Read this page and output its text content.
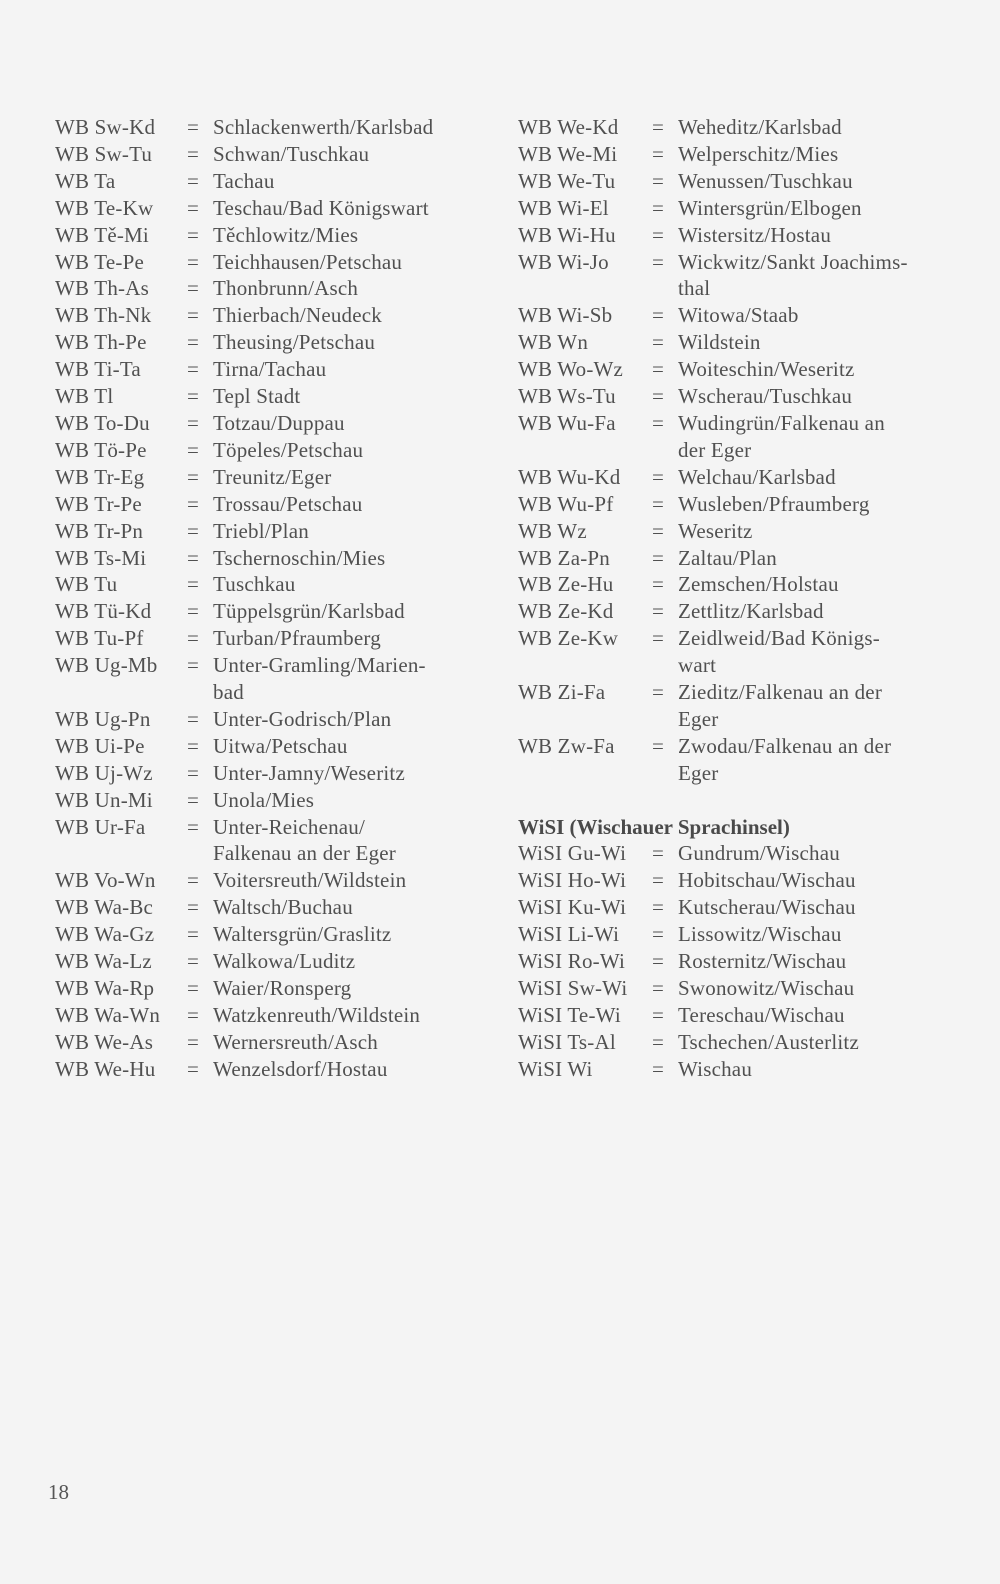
WB Sw-Kd	= Schlackenwerth/Karlsbad
WB Sw-Tu	= Schwan/Tuschkau
WB Ta	= Tachau
WB Te-Kw	= Teschau/Bad Königswart
WB Tě-Mi	= Těchlowitz/Mies
WB Te-Pe	= Teichhausen/Petschau
WB Th-As	= Thonbrunn/Asch
WB Th-Nk	= Thierbach/Neudeck
WB Th-Pe	= Theusing/Petschau
WB Ti-Ta	= Tirna/Tachau
WB Tl	= Tepl Stadt
WB To-Du	= Totzau/Duppau
WB Tö-Pe	= Töpeles/Petschau
WB Tr-Eg	= Treunitz/Eger
WB Tr-Pe	= Trossau/Petschau
WB Tr-Pn	= Triebl/Plan
WB Ts-Mi	= Tschernoschin/Mies
WB Tu	= Tuschkau
WB Tü-Kd	= Tüppelsgrün/Karlsbad
WB Tu-Pf	= Turban/Pfraumberg
WB Ug-Mb	= Unter-Gramling/Marien-
bad
WB Ug-Pn	= Unter-Godrisch/Plan
WB Ui-Pe	= Uitwa/Petschau
WB Uj-Wz	= Unter-Jamny/Weseritz
WB Un-Mi	= Unola/Mies
WB Ur-Fa	= Unter-Reichenau/
Falkenau an der Eger
WB Vo-Wn	= Voitersreuth/Wildstein
WB Wa-Bc	= Waltsch/Buchau
WB Wa-Gz	= Waltersgrün/Graslitz
WB Wa-Lz	= Walkowa/Luditz
WB Wa-Rp	= Waier/Ronsperg
WB Wa-Wn	= Watzkenreuth/Wildstein
WB We-As	= Wernersreuth/Asch
WB We-Hu	= Wenzelsdorf/Hostau
WB We-Kd	= Weheditz/Karlsbad
WB We-Mi	= Welperschitz/Mies
WB We-Tu	= Wenussen/Tuschkau
WB Wi-El	= Wintersgrün/Elbogen
WB Wi-Hu	= Wistersitz/Hostau
WB Wi-Jo	= Wickwitz/Sankt Joachims-
thal
WB Wi-Sb	= Witowa/Staab
WB Wn	= Wildstein
WB Wo-Wz	= Woiteschin/Weseritz
WB Ws-Tu	= Wscherau/Tuschkau
WB Wu-Fa	= Wudingrün/Falkenau an
der Eger
WB Wu-Kd	= Welchau/Karlsbad
WB Wu-Pf	= Wusleben/Pfraumberg
WB Wz	= Weseritz
WB Za-Pn	= Zaltau/Plan
WB Ze-Hu	= Zemschen/Holstau
WB Ze-Kd	= Zettlitz/Karlsbad
WB Ze-Kw	= Zeidlweid/Bad Königs-
wart
WB Zi-Fa	= Zieditz/Falkenau an der
Eger
WB Zw-Fa	= Zwodau/Falkenau an der
Eger
WiSI (Wischauer Sprachinsel)
WiSI Gu-Wi	= Gundrum/Wischau
WiSI Ho-Wi	= Hobitschau/Wischau
WiSI Ku-Wi	= Kutscherau/Wischau
WiSI Li-Wi	= Lissowitz/Wischau
WiSI Ro-Wi	= Rosternitz/Wischau
WiSI Sw-Wi	= Swonowitz/Wischau
WiSI Te-Wi	= Tereschau/Wischau
WiSI Ts-Al	= Tschechen/Austerlitz
WiSI Wi	= Wischau
18
